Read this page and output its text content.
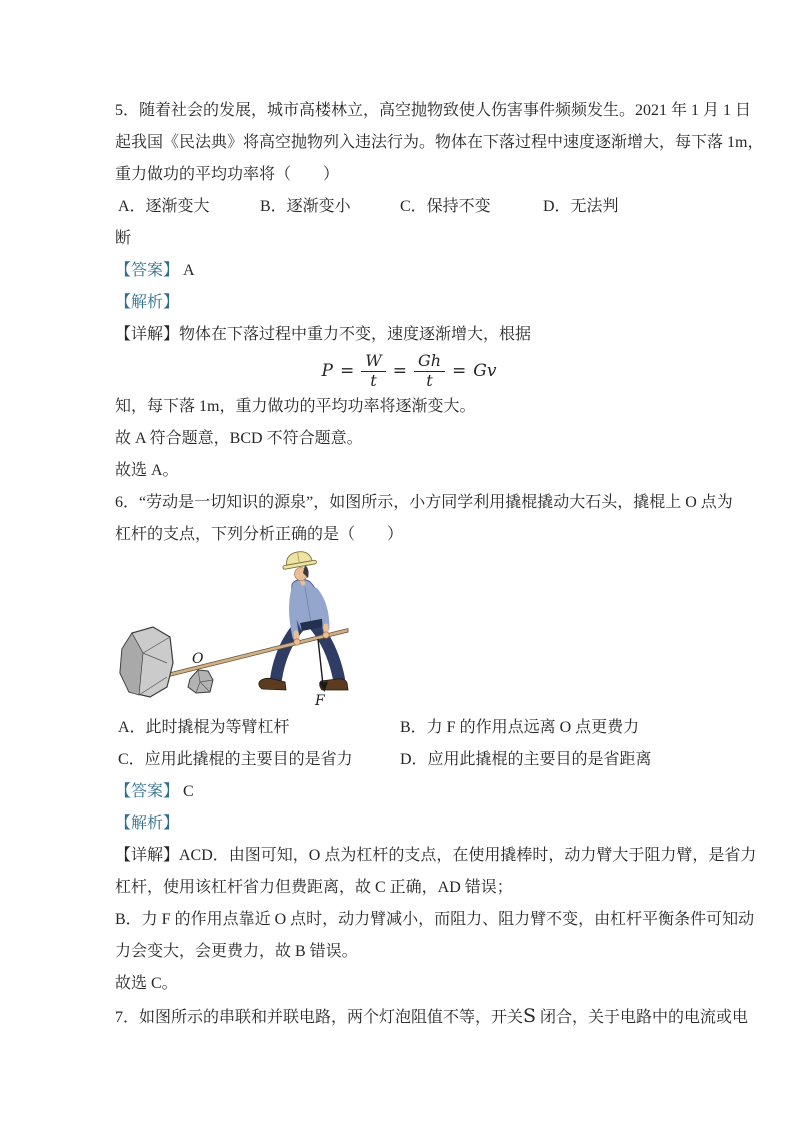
5．随着社会的发展，城市高楼林立，高空抛物致使人伤害事件频频发生。2021 年 1 月 1 日

起我国《民法典》将高空抛物列入违法行为。物体在下落过程中速度逐渐增大，每下落 1m，

重力做功的平均功率将（　　）

A．逐渐变大	B．逐渐变小	C．保持不变	D．无法判

断

【答案】 A

【解析】

【详解】物体在下落过程中重力不变，速度逐渐增大，根据

$P = \frac{W}{t} = \frac{Gh}{t} = Gv$

知，每下落 1m，重力做功的平均功率将逐渐变大。

故 A 符合题意，BCD 不符合题意。

故选 A。

6．“劳动是一切知识的源泉”，如图所示，小方同学利用撬棍撬动大石头，撬棍上 O 点为

杠杆的支点，下列分析正确的是（　　）

O
F
A．此时撬棍为等臂杠杆	B．力 F 的作用点远离 O 点更费力
C．应用此撬棍的主要目的是省力	D．应用此撬棍的主要目的是省距离

【答案】 C

【解析】

【详解】ACD．由图可知，O 点为杠杆的支点，在使用撬棒时，动力臂大于阻力臂，是省力

杠杆，使用该杠杆省力但费距离，故 C 正确，AD 错误；

B．力 F 的作用点靠近 O 点时，动力臂减小，而阻力、阻力臂不变，由杠杆平衡条件可知动

力会变大，会更费力，故 B 错误。

故选 C。

7．如图所示的串联和并联电路，两个灯泡阻值不等，开关S 闭合，关于电路中的电流或电
